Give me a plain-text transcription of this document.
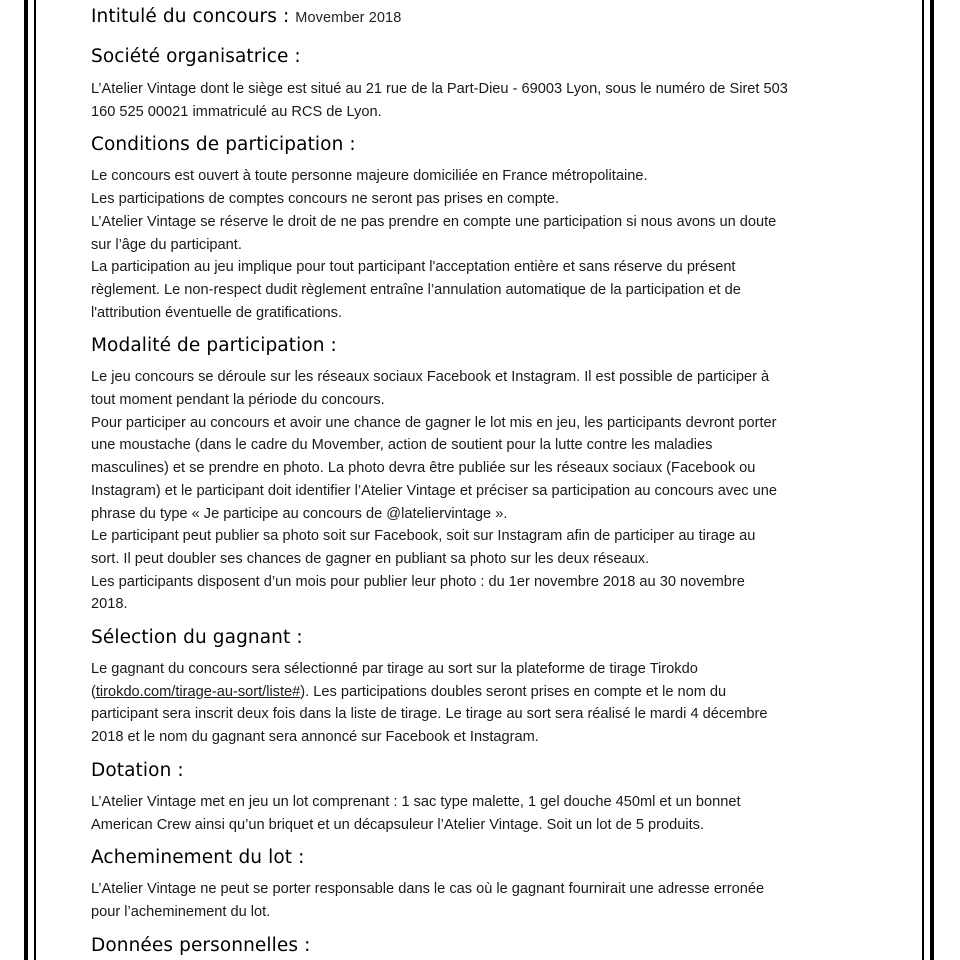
Intitulé du concours : Movember 2018
Société organisatrice :

L’Atelier Vintage dont le siège est situé au 21 rue de la Part-Dieu - 69003 Lyon, sous le numéro de Siret 503

160 525 00021 immatriculé au RCS de Lyon.

Conditions de participation :

Le concours est ouvert à toute personne majeure domiciliée en France métropolitaine.

Les participations de comptes concours ne seront pas prises en compte.

L’Atelier Vintage se réserve le droit de ne pas prendre en compte une participation si nous avons un doute

sur l’âge du participant.

La participation au jeu implique pour tout participant l'acceptation entière et sans réserve du présent

règlement. Le non-respect dudit règlement entraîne l’annulation automatique de la participation et de

l'attribution éventuelle de gratifications.

Modalité de participation :

Le jeu concours se déroule sur les réseaux sociaux Facebook et Instagram. Il est possible de participer à

tout moment pendant la période du concours.

Pour participer au concours et avoir une chance de gagner le lot mis en jeu, les participants devront porter

une moustache (dans le cadre du Movember, action de soutient pour la lutte contre les maladies

masculines) et se prendre en photo. La photo devra être publiée sur les réseaux sociaux (Facebook ou

Instagram) et le participant doit identifier l’Atelier Vintage et préciser sa participation au concours avec une

phrase du type « Je participe au concours de @lateliervintage ».

Le participant peut publier sa photo soit sur Facebook, soit sur Instagram afin de participer au tirage au

sort. Il peut doubler ses chances de gagner en publiant sa photo sur les deux réseaux.

Les participants disposent d’un mois pour publier leur photo : du 1er novembre 2018 au 30 novembre

2018.

Sélection du gagnant :

Le gagnant du concours sera sélectionné par tirage au sort sur la plateforme de tirage Tirokdo

(tirokdo.com/tirage-au-sort/liste#). Les participations doubles seront prises en compte et le nom du

participant sera inscrit deux fois dans la liste de tirage. Le tirage au sort sera réalisé le mardi 4 décembre

2018 et le nom du gagnant sera annoncé sur Facebook et Instagram.

Dotation :

L’Atelier Vintage met en jeu un lot comprenant : 1 sac type malette, 1 gel douche 450ml et un bonnet

American Crew ainsi qu’un briquet et un décapsuleur l’Atelier Vintage. Soit un lot de 5 produits.

Acheminement du lot :

L’Atelier Vintage ne peut se porter responsable dans le cas où le gagnant fournirait une adresse erronée

pour l’acheminement du lot.

Données personnelles :
